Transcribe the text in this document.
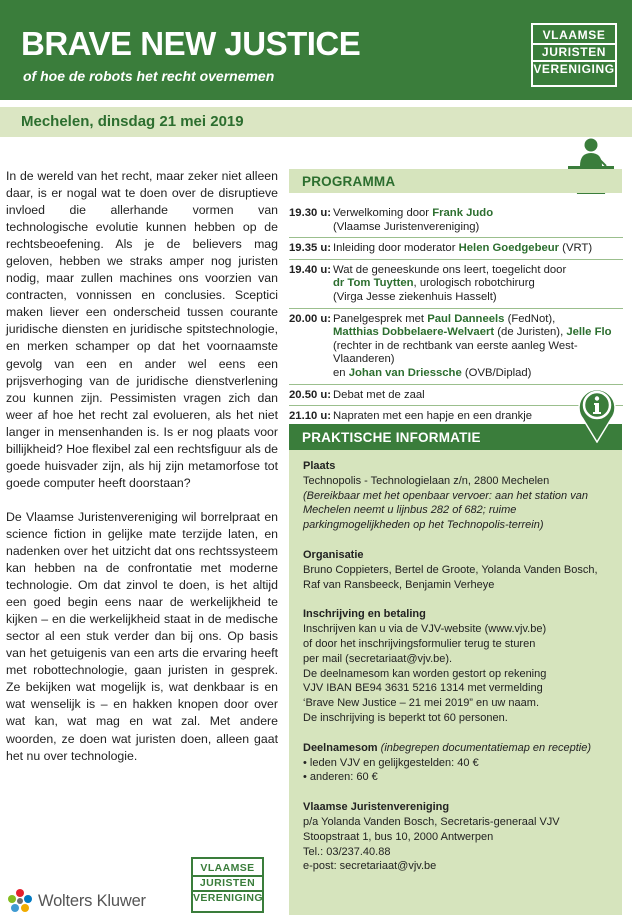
BRAVE NEW JUSTICE
of hoe de robots het recht overnemen
VLAAMSE
JURISTEN
VERENIGING
Mechelen, dinsdag 21 mei 2019

In de wereld van het recht, maar zeker niet alleen daar, is er nogal wat te doen over de disruptieve invloed die allerhande vormen van technologische evolutie kunnen hebben op de rechtsbeoefening. Als je de believers mag geloven, hebben we straks amper nog juristen nodig, maar zullen machines ons voorzien van contracten, vonnissen en conclusies. Sceptici maken liever een onderscheid tussen courante juridische diensten en juridische spitstechnologie, en merken schamper op dat het voornaamste gevolg van een en ander wel eens een prijsverhoging van de juridische dienstverlening zou kunnen zijn. Pessimisten vragen zich dan weer af hoe het recht zal evolueren, als het niet langer in mensenhanden is. Is er nog plaats voor billijkheid? Hoe flexibel zal een rechtsfiguur als de goede huisvader zijn, als hij zijn metamorfose tot goede computer heeft doorstaan?

De Vlaamse Juristenvereniging wil borrelpraat en science fiction in gelijke mate terzijde laten, en nadenken over het uitzicht dat ons rechtssysteem kan hebben na de confrontatie met moderne technologie. Om dat zinvol te doen, is het altijd een goed begin eens naar de werkelijkheid te kijken – en die werkelijkheid staat in de medische sector al een stuk verder dan bij ons. Op basis van het getuigenis van een arts die ervaring heeft met robottechnologie, gaan juristen in gesprek. Ze bekijken wat mogelijk is, wat denkbaar is en wat wenselijk is – en hakken knopen door over wat kan, wat mag en wat zal. Met andere woorden, ze doen wat juristen doen, alleen gaat het nu over technologie.

PROGRAMMA
19.30 u: Verwelkoming door Frank Judo
(Vlaamse Juristenvereniging)
19.35 u: Inleiding door moderator Helen Goedgebeur (VRT)
19.40 u: Wat de geneeskunde ons leert, toegelicht door
dr Tom Tuytten, urologisch robotchirurg
(Virga Jesse ziekenhuis Hasselt)
20.00 u: Panelgesprek met Paul Danneels (FedNot),
Matthias Dobbelaere-Welvaert (de Juristen), Jelle Flo
(rechter in de rechtbank van eerste aanleg West-Vlaanderen)
en Johan van Driessche (OVB/Diplad)
20.50 u: Debat met de zaal
21.10 u: Napraten met een hapje en een drankje
PRAKTISCHE INFORMATIE
Plaats
Technopolis - Technologielaan z/n, 2800 Mechelen
(Bereikbaar met het openbaar vervoer: aan het station van Mechelen neemt u lijnbus 282 of 682; ruime parkingmogelijkheden op het Technopolis-terrein)
Organisatie
Bruno Coppieters, Bertel de Groote, Yolanda Vanden Bosch, Raf van Ransbeeck, Benjamin Verheye
Inschrijving en betaling
Inschrijven kan u via de VJV-website (www.vjv.be)
of door het inschrijvingsformulier terug te sturen
per mail (secretariaat@vjv.be).
De deelnamesom kan worden gestort op rekening
VJV IBAN BE94 3631 5216 1314 met vermelding
‘Brave New Justice – 21 mei 2019” en uw naam.
De inschrijving is beperkt tot 60 personen.
Deelnamesom (inbegrepen documentatiemap en receptie)
• leden VJV en gelijkgestelden: 40 €
• anderen: 60 €
Vlaamse Juristenvereniging
p/a Yolanda Vanden Bosch, Secretaris-generaal VJV
Stoopstraat 1, bus 10, 2000 Antwerpen
Tel.: 03/237.40.88
e-post: secretariaat@vjv.be
Wolters Kluwer
VLAAMSE
JURISTEN
VERENIGING
